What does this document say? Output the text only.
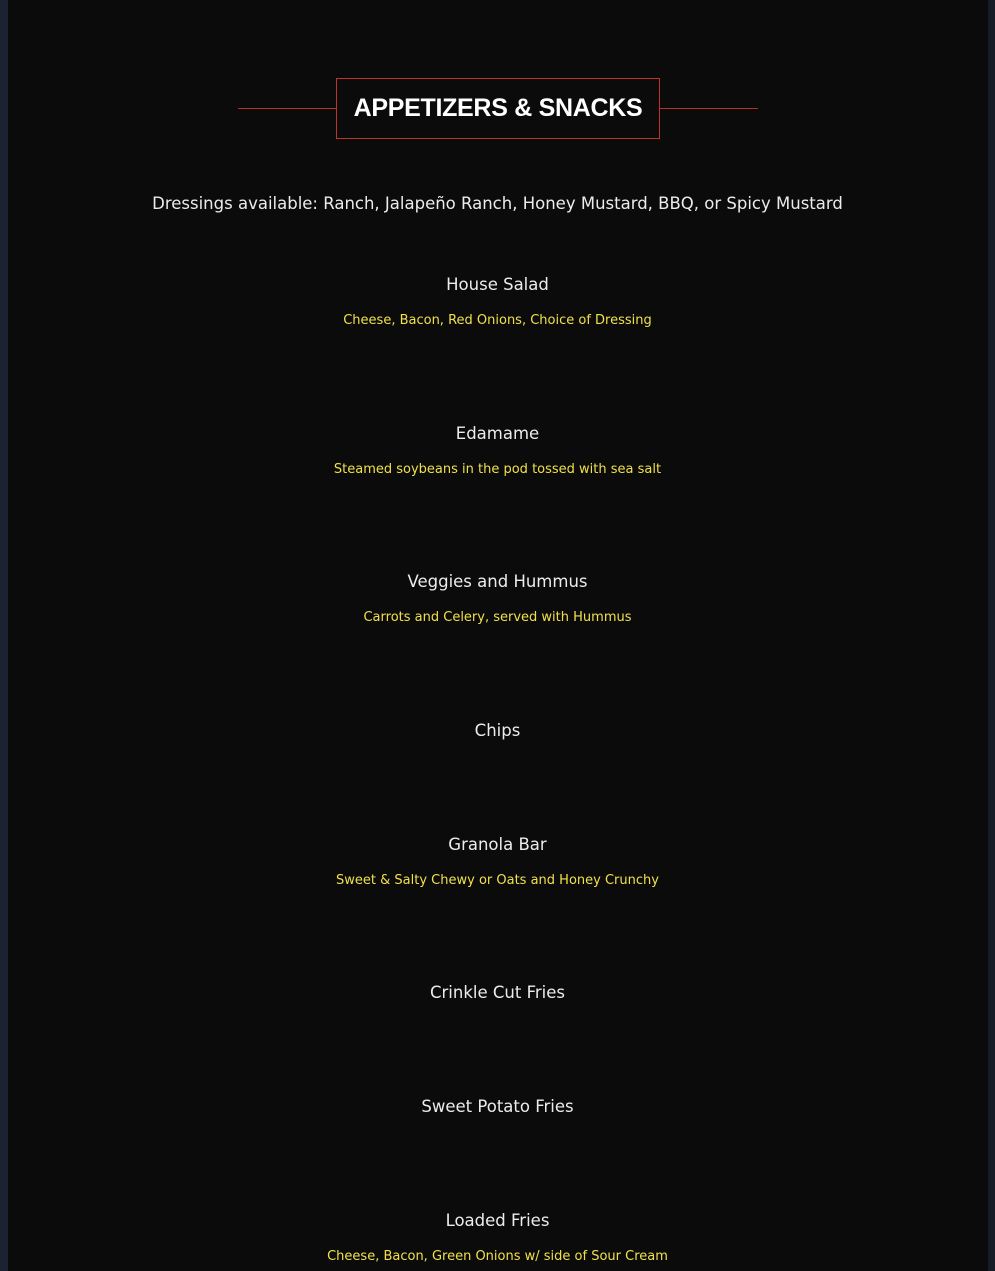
APPETIZERS & SNACKS
Dressings available: Ranch, Jalapeño Ranch, Honey Mustard, BBQ, or Spicy Mustard
House Salad
Cheese, Bacon, Red Onions, Choice of Dressing
Edamame
Steamed soybeans in the pod tossed with sea salt
Veggies and Hummus
Carrots and Celery, served with Hummus
Chips
Granola Bar
Sweet & Salty Chewy or Oats and Honey Crunchy
Crinkle Cut Fries
Sweet Potato Fries
Loaded Fries
Cheese, Bacon, Green Onions w/ side of Sour Cream
